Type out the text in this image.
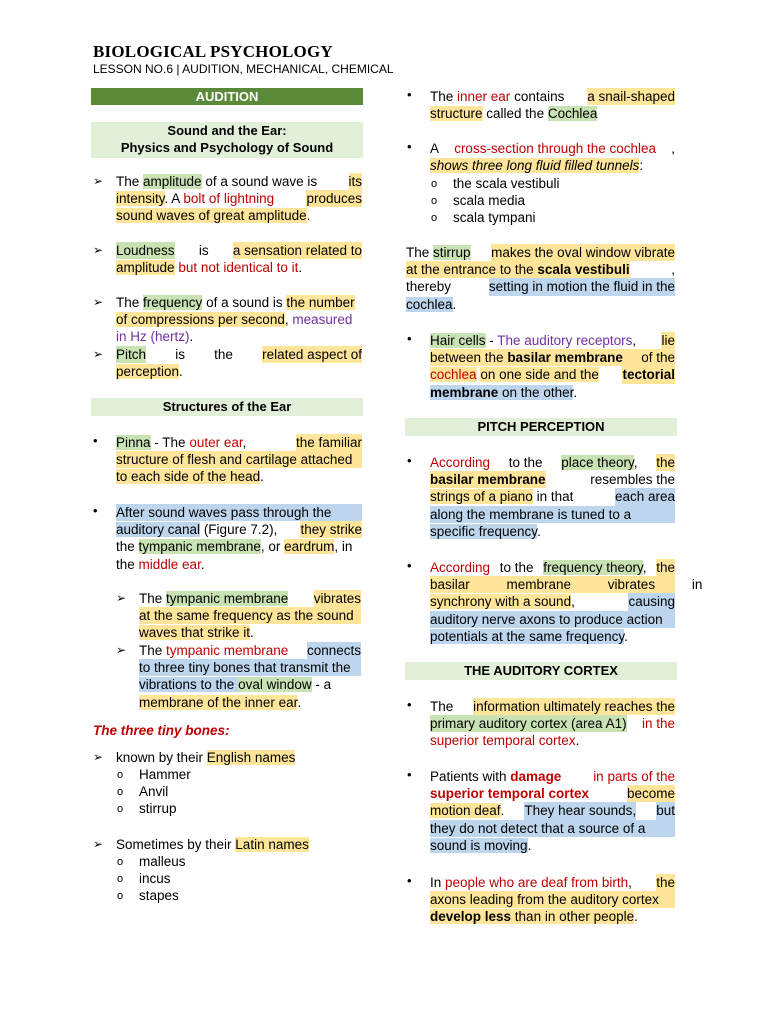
BIOLOGICAL PSYCHOLOGY
LESSON NO.6 | AUDITION, MECHANICAL, CHEMICAL
AUDITION
Sound and the Ear:
Physics and Psychology of Sound
➢ The amplitude of a sound wave is its
intensity. A bolt of lightning produces
sound waves of great amplitude.
➢ Loudness is a sensation related to
amplitude but not identical to it.
➢ The frequency of a sound is the number
of compressions per second, measured
in Hz (hertz).
➢ Pitch is the related aspect of
perception.
Structures of the Ear
• Pinna - The outer ear,	the familiar
structure of flesh and cartilage attached
to each side of the head.
• After sound waves pass through the
auditory canal (Figure 7.2), they strike
the tympanic membrane, or eardrum, in
the middle ear.
➢ The tympanic membrane vibrates
at the same frequency as the sound
waves that strike it.
➢ The tympanic membrane connects
to three tiny bones that transmit the
vibrations to the oval window - a
membrane of the inner ear.
The three tiny bones:
➢ known by their English names
o Hammer
o Anvil
o stirrup
➢ Sometimes by their Latin names
o malleus
o incus
o stapes
• The inner ear contains a snail-shaped
structure called the Cochlea
• A cross-section through the cochlea ,
shows three long fluid filled tunnels:
o the scala vestibuli
o scala media
o scala tympani
The stirrup makes the oval window vibrate
at the entrance to the scala vestibuli	,
thereby	setting in motion the fluid in the
cochlea.
• Hair cells - The auditory receptors, lie
between the basilar membrane of the
cochlea on one side and the tectorial
membrane on the other.
PITCH PERCEPTION
• According to the place theory, the
basilar membrane	resembles the
strings of a piano in that	each area
along the membrane is tuned to a
specific frequency.
• According to the frequency theory, the
basilar membrane vibrates in
synchrony with a sound,	causing
auditory nerve axons to produce action
potentials at the same frequency.
THE AUDITORY CORTEX
• The information ultimately reaches the
primary auditory cortex (area A1) in the
superior temporal cortex.
• Patients with damage in parts of the
superior temporal cortex	become
motion deaf. They hear sounds, but
they do not detect that a source of a
sound is moving.
• In people who are deaf from birth, the
axons leading from the auditory cortex
develop less than in other people.
